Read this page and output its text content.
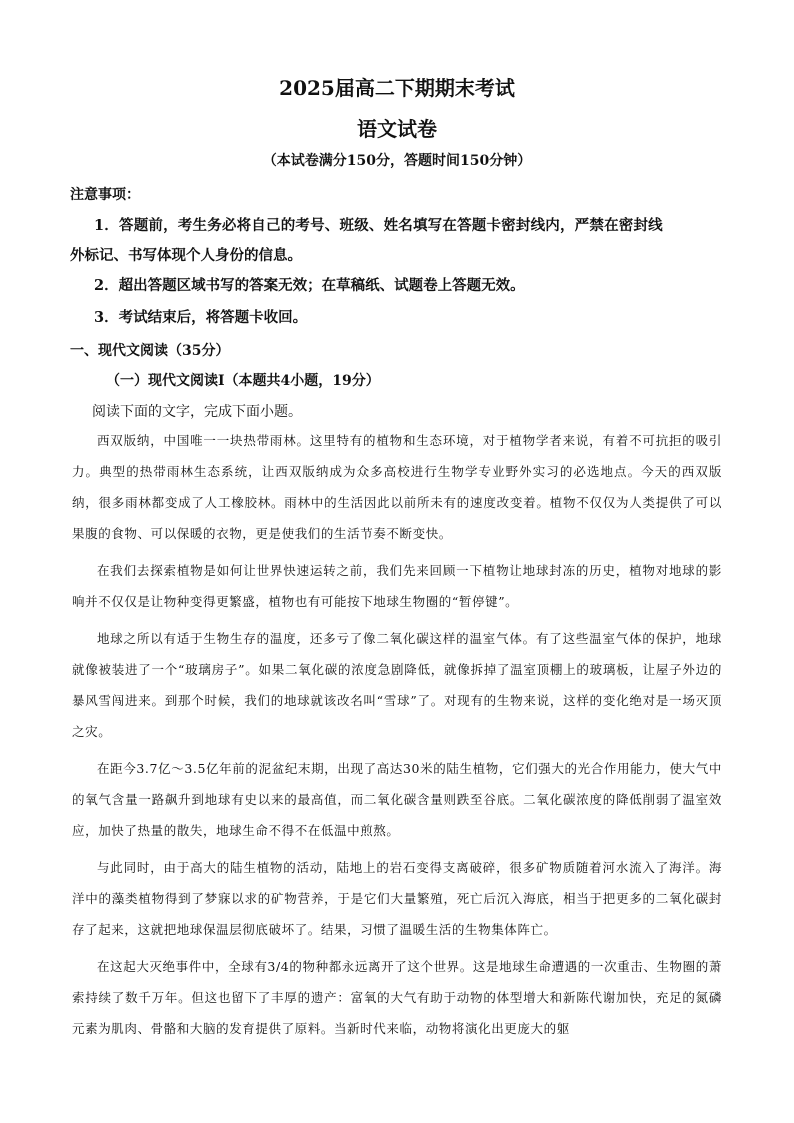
2025届高二下期期末考试
语文试卷
（本试卷满分150分，答题时间150分钟）
注意事项：
1．答题前，考生务必将自己的考号、班级、姓名填写在答题卡密封线内，严禁在密封线
外标记、书写体现个人身份的信息。
2．超出答题区域书写的答案无效；在草稿纸、试题卷上答题无效。
3．考试结束后，将答题卡收回。
一、现代文阅读（35分）
（一）现代文阅读Ⅰ（本题共4小题，19分）
阅读下面的文字，完成下面小题。

西双版纳，中国唯一一块热带雨林。这里特有的植物和生态环境，对于植物学者来说，有着不可抗拒的吸引力。典型的热带雨林生态系统，让西双版纳成为众多高校进行生物学专业野外实习的必选地点。今天的西双版纳，很多雨林都变成了人工橡胶林。雨林中的生活因此以前所未有的速度改变着。植物不仅仅为人类提供了可以果腹的食物、可以保暖的衣物，更是使我们的生活节奏不断变快。

在我们去探索植物是如何让世界快速运转之前，我们先来回顾一下植物让地球封冻的历史，植物对地球的影响并不仅仅是让物种变得更繁盛，植物也有可能按下地球生物圈的“暂停键”。

地球之所以有适于生物生存的温度，还多亏了像二氧化碳这样的温室气体。有了这些温室气体的保护，地球就像被装进了一个“玻璃房子”。如果二氧化碳的浓度急剧降低，就像拆掉了温室顶棚上的玻璃板，让屋子外边的暴风雪闯进来。到那个时候，我们的地球就该改名叫“雪球”了。对现有的生物来说，这样的变化绝对是一场灭顶之灾。

在距今3.7亿～3.5亿年前的泥盆纪末期，出现了高达30米的陆生植物，它们强大的光合作用能力，使大气中的氧气含量一路飙升到地球有史以来的最高值，而二氧化碳含量则跌至谷底。二氧化碳浓度的降低削弱了温室效应，加快了热量的散失，地球生命不得不在低温中煎熬。

与此同时，由于高大的陆生植物的活动，陆地上的岩石变得支离破碎，很多矿物质随着河水流入了海洋。海洋中的藻类植物得到了梦寐以求的矿物营养，于是它们大量繁殖，死亡后沉入海底，相当于把更多的二氧化碳封存了起来，这就把地球保温层彻底破坏了。结果，习惯了温暖生活的生物集体阵亡。

在这起大灭绝事件中，全球有3/4的物种都永远离开了这个世界。这是地球生命遭遇的一次重击、生物圈的萧索持续了数千万年。但这也留下了丰厚的遗产：富氧的大气有助于动物的体型增大和新陈代谢加快，充足的氮磷元素为肌肉、骨骼和大脑的发育提供了原料。当新时代来临，动物将演化出更庞大的躯
